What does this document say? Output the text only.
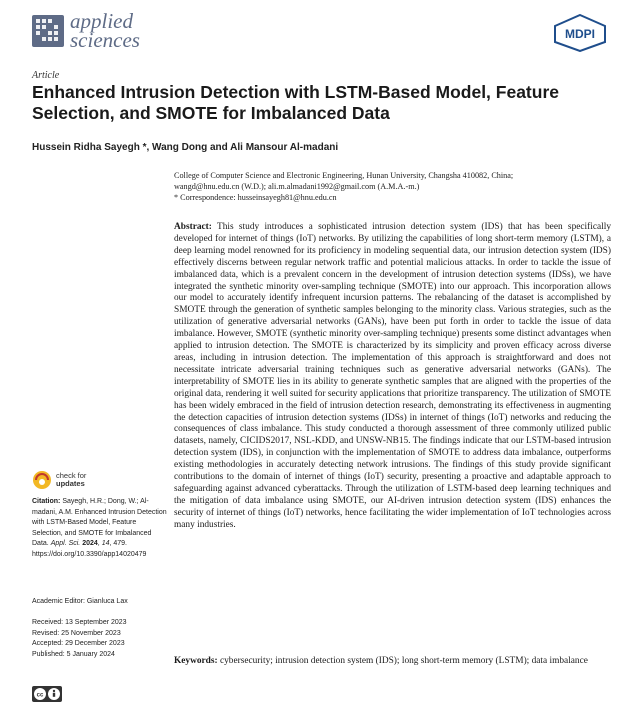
applied
sciences	MDPI
Article
Enhanced Intrusion Detection with LSTM-Based Model, Feature Selection, and SMOTE for Imbalanced Data
Hussein Ridha Sayegh *, Wang Dong and Ali Mansour Al-madani
College of Computer Science and Electronic Engineering, Hunan University, Changsha 410082, China;
wangd@hnu.edu.cn (W.D.); ali.m.almadani1992@gmail.com (A.M.A.-m.)
* Correspondence: husseinsayegh81@hnu.edu.cn

Abstract: This study introduces a sophisticated intrusion detection system (IDS) that has been specifically developed for internet of things (IoT) networks. By utilizing the capabilities of long short-term memory (LSTM), a deep learning model renowned for its proficiency in modeling sequential data, our intrusion detection system (IDS) effectively discerns between regular network traffic and potential malicious attacks. In order to tackle the issue of imbalanced data, which is a prevalent concern in the development of intrusion detection systems (IDSs), we have integrated the synthetic minority over-sampling technique (SMOTE) into our approach. This incorporation allows our model to accurately identify infrequent incursion patterns. The rebalancing of the dataset is accomplished by SMOTE through the generation of synthetic samples belonging to the minority class. Various strategies, such as the utilization of generative adversarial networks (GANs), have been put forth in order to tackle the issue of data imbalance. However, SMOTE (synthetic minority over-sampling technique) presents some distinct advantages when applied to intrusion detection. The SMOTE is characterized by its simplicity and proven efficacy across diverse areas, including in intrusion detection. The implementation of this approach is straightforward and does not necessitate intricate adversarial training techniques such as generative adversarial networks (GANs). The interpretability of SMOTE lies in its ability to generate synthetic samples that are aligned with the properties of the original data, rendering it well suited for security applications that prioritize transparency. The utilization of SMOTE has been widely embraced in the field of intrusion detection research, demonstrating its effectiveness in augmenting the detection capacities of intrusion detection systems (IDSs) in internet of things (IoT) networks and reducing the consequences of class imbalance. This study conducted a thorough assessment of three commonly utilized public datasets, namely, CICIDS2017, NSL-KDD, and UNSW-NB15. The findings indicate that our LSTM-based intrusion detection system (IDS), in conjunction with the implementation of SMOTE to address data imbalance, outperforms existing methodologies in accurately detecting network intrusions. The findings of this study provide significant contributions to the domain of internet of things (IoT) security, presenting a proactive and adaptable approach to safeguarding against advanced cyberattacks. Through the utilization of LSTM-based deep learning techniques and the mitigation of data imbalance using SMOTE, our AI-driven intrusion detection system (IDS) enhances the security of internet of things (IoT) networks, hence facilitating the wider implementation of IoT technologies across many industries.

Keywords: cybersecurity; intrusion detection system (IDS); long short-term memory (LSTM); data imbalance

check for
updates
Citation: Sayegh, H.R.; Dong, W.; Al-madani, A.M. Enhanced Intrusion Detection with LSTM-Based Model, Feature Selection, and SMOTE for Imbalanced Data. Appl. Sci. 2024, 14, 479. https://doi.org/10.3390/app14020479
Academic Editor: Gianluca Lax
Received: 13 September 2023
Revised: 25 November 2023
Accepted: 29 December 2023
Published: 5 January 2024
cc
